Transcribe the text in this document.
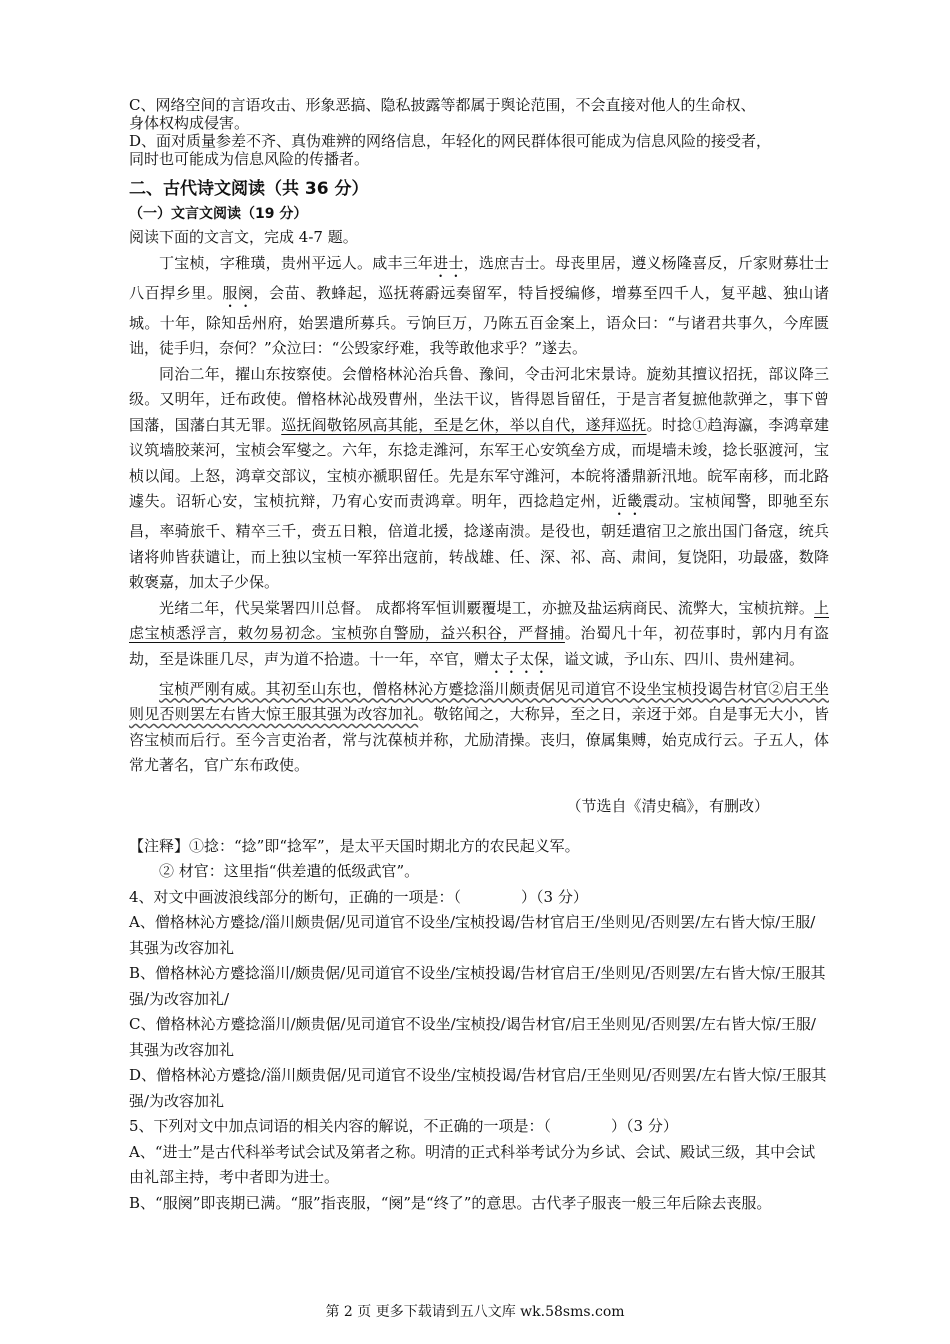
C、网络空间的言语攻击、形象恶搞、隐私披露等都属于舆论范围，不会直接对他人的生命权、

身体权构成侵害。

D、面对质量参差不齐、真伪难辨的网络信息，年轻化的网民群体很可能成为信息风险的接受者，

同时也可能成为信息风险的传播者。

二、古代诗文阅读（共 36 分）
（一）文言文阅读（19 分）

阅读下面的文言文，完成 4-7 题。

丁宝桢，字稚璜，贵州平远人。咸丰三年进士，选庶吉士。母丧里居，遵义杨隆喜反，斤家财募壮士八百捍乡里。服阕，会苗、教蜂起，巡抚蒋霨远奏留军，特旨授编修，增募至四千人，复平越、独山诸城。十年，除知岳州府，始罢遣所募兵。亏饷巨万，乃陈五百金案上，语众曰：“与诸君共事久，今库匮诎，徒手归，奈何？”众泣曰：“公毁家纾难，我等敢他求乎？”遂去。

同治二年，擢山东按察使。会僧格林沁治兵鲁、豫间，令击河北宋景诗。旋劾其擅议招抚，部议降三级。又明年，迁布政使。僧格林沁战殁曹州，坐法干议，皆得恩旨留任，于是言者复摭他款弹之，事下曾国藩，国藩白其无罪。巡抚阎敬铭夙高其能，至是乞休，举以自代，遂拜巡抚。时捻①趋海瀛，李鸿章建议筑墙胶莱河，宝桢会军燮之。六年，东捻走潍河，东军王心安筑垒方成，而堤墙未竣，捻长驱渡河，宝桢以闻。上怒，鸿章交部议，宝桢亦褫职留任。先是东军守潍河，本皖将潘鼎新汛地。皖军南移，而北路遽失。诏斩心安，宝桢抗辩，乃宥心安而责鸿章。明年，西捻趋定州，近畿震动。宝桢闻警，即驰至东昌，率骑旅千、精卒三千，赍五日粮，倍道北援，捻遂南溃。是役也，朝廷遣宿卫之旅出国门备寇，统兵诸将帅皆获谴让，而上独以宝桢一军猝出寇前，转战雄、任、深、祁、高、肃间，复饶阳，功最盛，数降敕褒嘉，加太子少保。

光绪二年，代吴棠署四川总督。 成都将军恒训覈覆堤工，亦摭及盐运病商民、流弊大，宝桢抗辩。上虑宝桢悉浮言，敕勿易初念。宝桢弥自警励，益兴积谷，严督捕。治蜀凡十年，初莅事时，郭内月有盗劫，至是诛匪几尽，声为道不拾遗。十一年，卒官，赠太子太保，谥文诚，予山东、四川、贵州建祠。

宝桢严刚有威。其初至山东也，僧格林沁方蹙捻淄川颇责倨见司道官不设坐宝桢投谒告材官②启王坐则见否则罢左右皆大惊王服其强为改容加礼。敬铭闻之，大称异，至之日，亲迓于郊。自是事无大小，皆咨宝桢而后行。至今言吏治者，常与沈葆桢并称，尤励清操。丧归，僚属集赙，始克成行云。子五人，体常尤著名，官广东布政使。

（节选自《清史稿》，有删改）

【注释】①捻：“捻”即“捻军”，是太平天国时期北方的农民起义军。

② 材官：这里指“供差遣的低级武官”。

4、对文中画波浪线部分的断句，正确的一项是：（　　　　）（3 分）

A、僧格林沁方蹙捻/淄川颇贵倨/见司道官不设坐/宝桢投谒/告材官启王/坐则见/否则罢/左右皆大惊/王服/其强为改容加礼

B、僧格林沁方蹙捻淄川/颇贵倨/见司道官不设坐/宝桢投谒/告材官启王/坐则见/否则罢/左右皆大惊/王服其强/为改容加礼/

C、僧格林沁方蹙捻淄川/颇贵倨/见司道官不设坐/宝桢投/谒告材官/启王坐则见/否则罢/左右皆大惊/王服/其强为改容加礼

D、僧格林沁方蹙捻/淄川颇贵倨/见司道官不设坐/宝桢投谒/告材官启/王坐则见/否则罢/左右皆大惊/王服其强/为改容加礼

5、下列对文中加点词语的相关内容的解说，不正确的一项是：（　　　　）（3 分）

A、“进士”是古代科举考试会试及第者之称。明清的正式科举考试分为乡试、会试、殿试三级，其中会试由礼部主持，考中者即为进士。

B、“服阕”即丧期已满。“服”指丧服，“阕”是“终了”的意思。古代孝子服丧一般三年后除去丧服。

第 2 页 更多下载请到五八文库 wk.58sms.com
